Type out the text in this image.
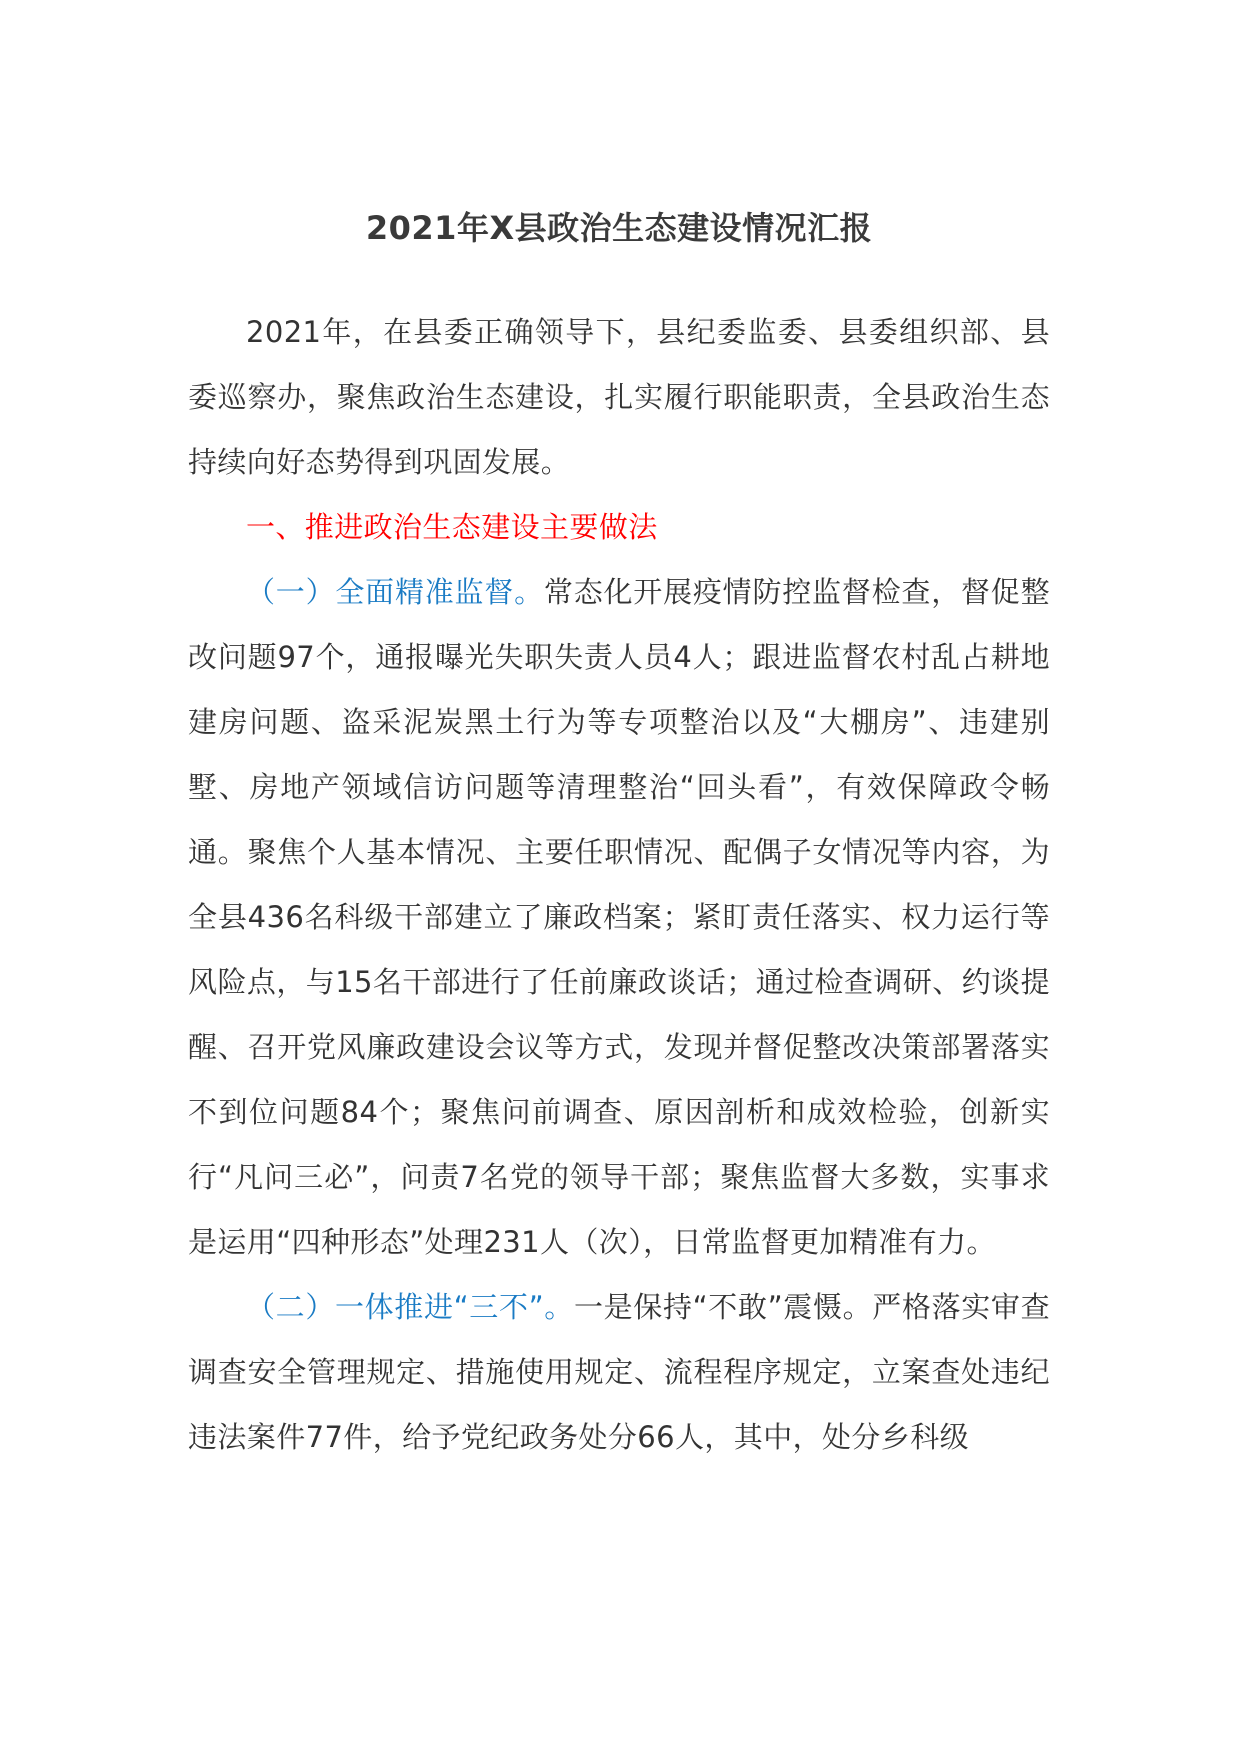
2021年X县政治生态建设情况汇报

2021年，在县委正确领导下，县纪委监委、县委组织部、县委巡察办，聚焦政治生态建设，扎实履行职能职责，全县政治生态持续向好态势得到巩固发展。

一、推进政治生态建设主要做法

（一）全面精准监督。常态化开展疫情防控监督检查，督促整改问题97个，通报曝光失职失责人员4人；跟进监督农村乱占耕地建房问题、盗采泥炭黑土行为等专项整治以及“大棚房”、违建别墅、房地产领域信访问题等清理整治“回头看”，有效保障政令畅通。聚焦个人基本情况、主要任职情况、配偶子女情况等内容，为全县436名科级干部建立了廉政档案；紧盯责任落实、权力运行等风险点，与15名干部进行了任前廉政谈话；通过检查调研、约谈提醒、召开党风廉政建设会议等方式，发现并督促整改决策部署落实不到位问题84个；聚焦问前调查、原因剖析和成效检验，创新实行“凡问三必”，问责7名党的领导干部；聚焦监督大多数，实事求是运用“四种形态”处理231人（次），日常监督更加精准有力。

（二）一体推进“三不”。一是保持“不敢”震慑。严格落实审查调查安全管理规定、措施使用规定、流程程序规定，立案查处违纪违法案件77件，给予党纪政务处分66人，其中，处分乡科级
